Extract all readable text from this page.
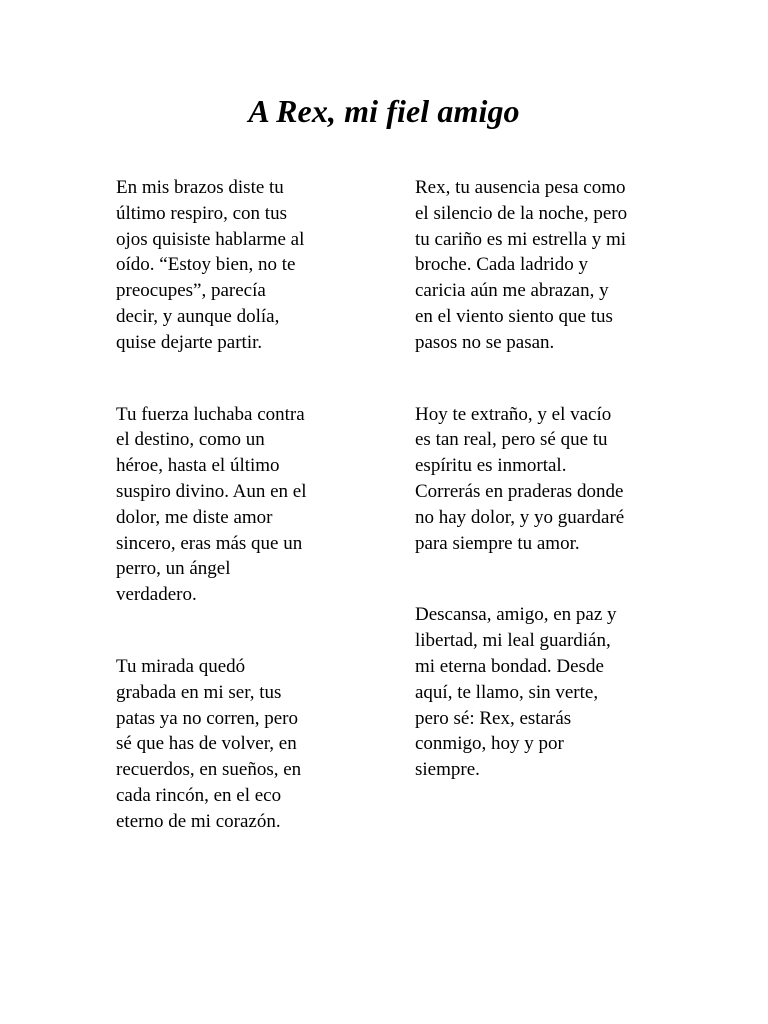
A Rex, mi fiel amigo

En mis brazos diste tu
último respiro, con tus
ojos quisiste hablarme al
oído. “Estoy bien, no te
preocupes”, parecía
decir, y aunque dolía,
quise dejarte partir.

Tu fuerza luchaba contra
el destino, como un
héroe, hasta el último
suspiro divino. Aun en el
dolor, me diste amor
sincero, eras más que un
perro, un ángel
verdadero.

Tu mirada quedó
grabada en mi ser, tus
patas ya no corren, pero
sé que has de volver, en
recuerdos, en sueños, en
cada rincón, en el eco
eterno de mi corazón.

Rex, tu ausencia pesa como
el silencio de la noche, pero
tu cariño es mi estrella y mi
broche. Cada ladrido y
caricia aún me abrazan, y
en el viento siento que tus
pasos no se pasan.

Hoy te extraño, y el vacío
es tan real, pero sé que tu
espíritu es inmortal.
Correrás en praderas donde
no hay dolor, y yo guardaré
para siempre tu amor.

Descansa, amigo, en paz y
libertad, mi leal guardián,
mi eterna bondad. Desde
aquí, te llamo, sin verte,
pero sé: Rex, estarás
conmigo, hoy y por
siempre.
